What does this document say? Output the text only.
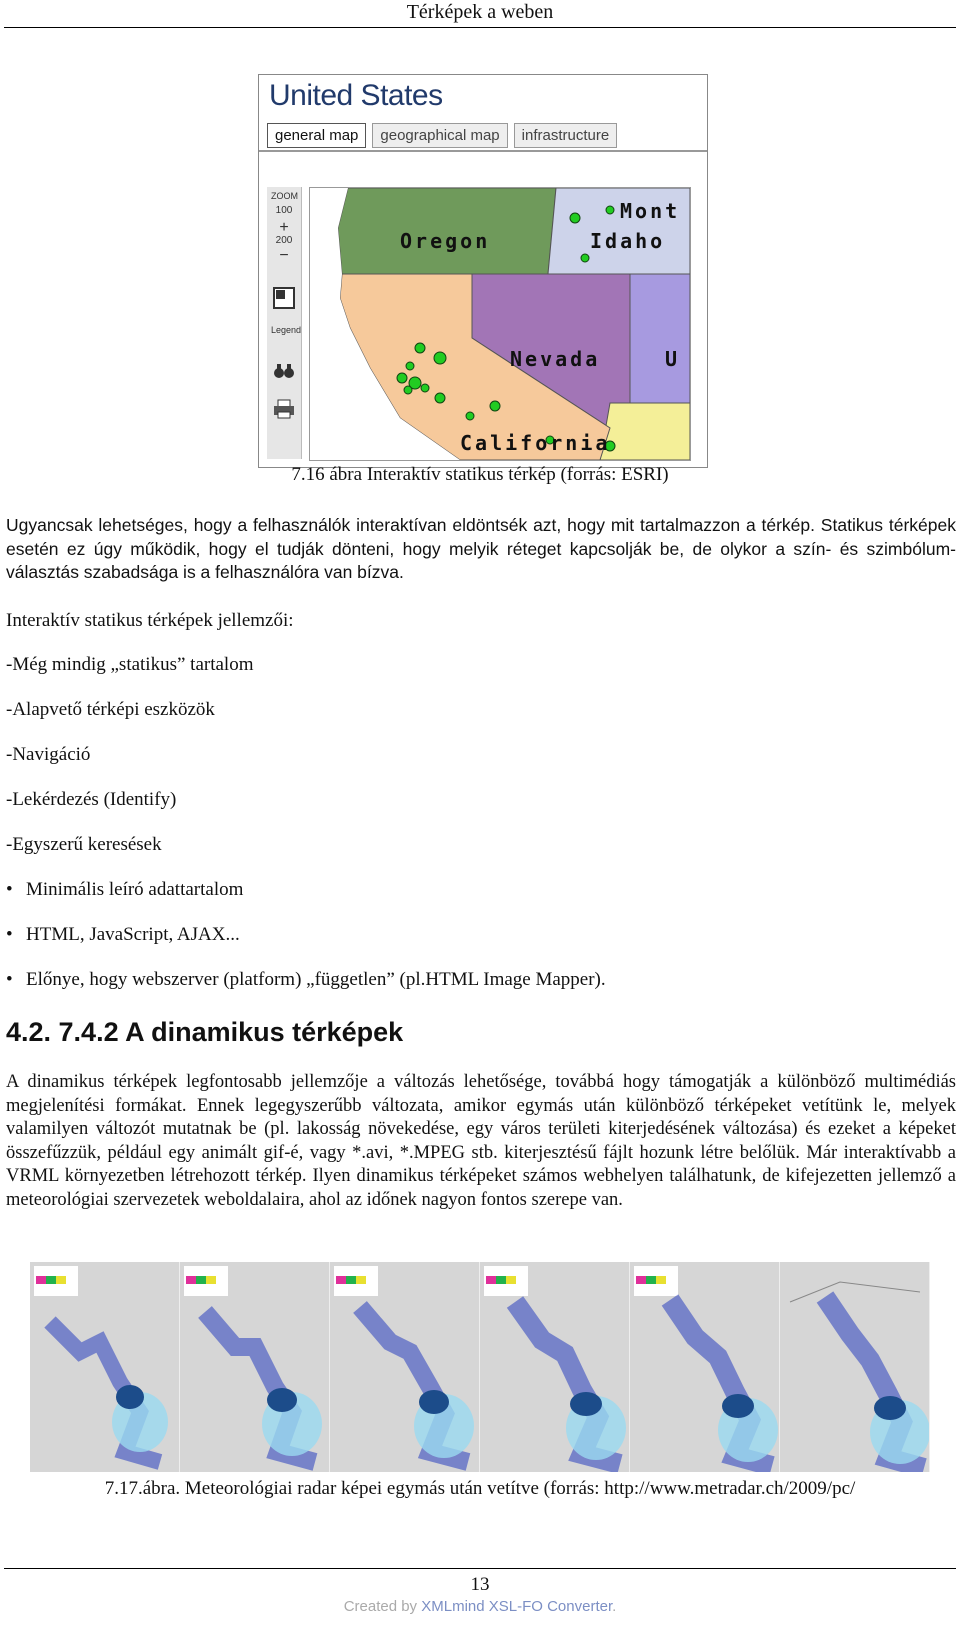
Térképek a weben
United States
general map	geographical map	infrastructure
ZOOM
100
+
200
−
Legend
Oregon	Idaho
Mont
Nevada	U
California
7.16 ábra Interaktív statikus térkép (forrás: ESRI)
Ugyancsak lehetséges, hogy a felhasználók interaktívan eldöntsék azt, hogy mit tartalmazzon a térkép. Statikus térképek esetén ez úgy működik, hogy el tudják dönteni, hogy melyik réteget kapcsolják be, de olykor a szín- és szimbólum-választás szabadsága is a felhasználóra van bízva.
Interaktív statikus térképek jellemzői:
-Még mindig „statikus” tartalom
-Alapvető térképi eszközök
-Navigáció
-Lekérdezés (Identify)
-Egyszerű keresések
• Minimális leíró adattartalom
• HTML, JavaScript, AJAX...
• Előnye, hogy webszerver (platform) „független” (pl.HTML Image Mapper).
4.2. 7.4.2 A dinamikus térképek
A dinamikus térképek legfontosabb jellemzője a változás lehetősége, továbbá hogy támogatják a különböző multimédiás megjelenítési formákat. Ennek legegyszerűbb változata, amikor egymás után különböző térképeket vetítünk le, melyek valamilyen változót mutatnak be (pl. lakosság növekedése, egy város területi kiterjedésének változása) és ezeket a képeket összefűzzük, például egy animált gif-é, vagy *.avi, *.MPEG stb. kiterjesztésű fájlt hozunk létre belőlük. Már interaktívabb a VRML környezetben létrehozott térkép. Ilyen dinamikus térképeket számos webhelyen találhatunk, de kifejezetten jellemző a meteorológiai szervezetek weboldalaira, ahol az időnek nagyon fontos szerepe van.
7.17.ábra. Meteorológiai radar képei egymás után vetítve (forrás: http://www.metradar.ch/2009/pc/
13
Created by XMLmind XSL-FO Converter.
